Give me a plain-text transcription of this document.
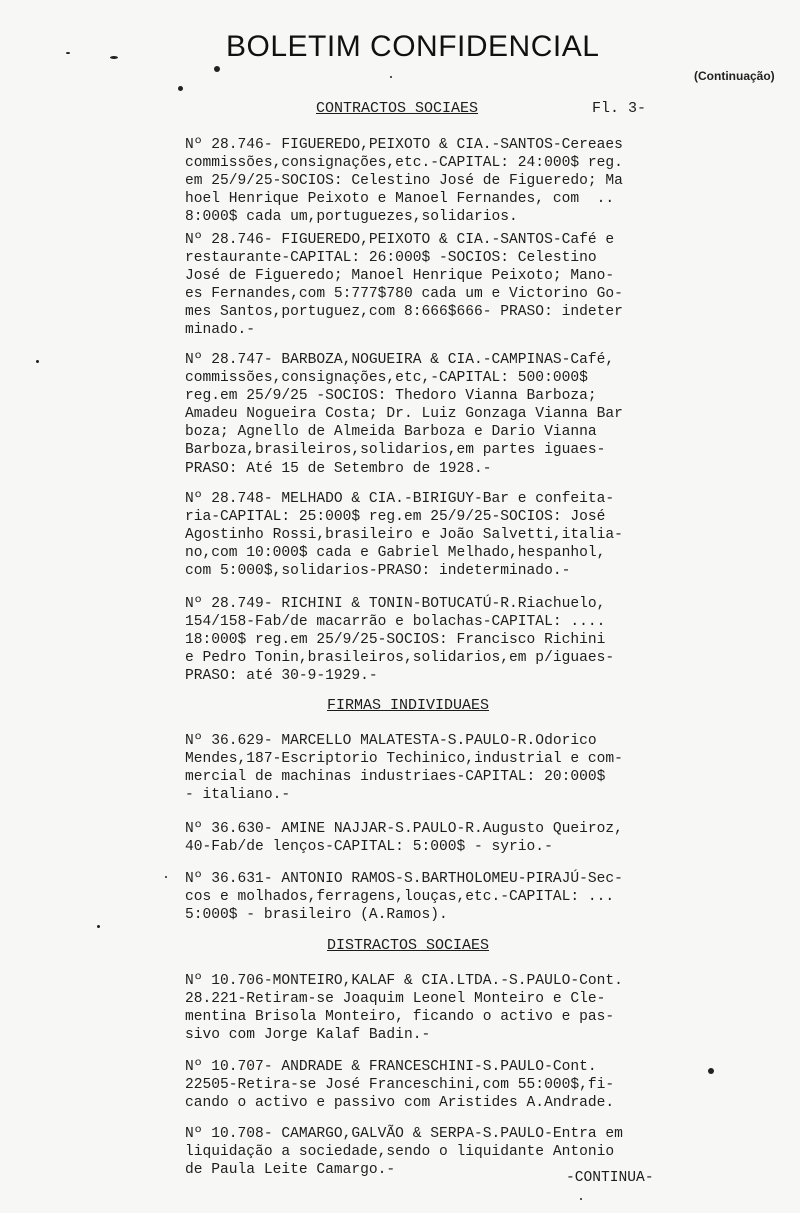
BOLETIM CONFIDENCIAL
(Continuação)
CONTRACTOS SOCIAES	Fl. 3-
Nº 28.746- FIGUEREDO,PEIXOTO & CIA.-SANTOS-Cereaes
commissões,consignações,etc.-CAPITAL: 24:000$ reg.
em 25/9/25-SOCIOS: Celestino José de Figueredo; Ma
hoel Henrique Peixoto e Manoel Fernandes, com  ..
8:000$ cada um,portuguezes,solidarios.
Nº 28.746- FIGUEREDO,PEIXOTO & CIA.-SANTOS-Café e
restaurante-CAPITAL: 26:000$ -SOCIOS: Celestino
José de Figueredo; Manoel Henrique Peixoto; Mano-
es Fernandes,com 5:777$780 cada um e Victorino Go-
mes Santos,portuguez,com 8:666$666- PRASO: indeter
minado.-
Nº 28.747- BARBOZA,NOGUEIRA & CIA.-CAMPINAS-Café,
commissões,consignações,etc,-CAPITAL: 500:000$
reg.em 25/9/25 -SOCIOS: Thedoro Vianna Barboza;
Amadeu Nogueira Costa; Dr. Luiz Gonzaga Vianna Bar
boza; Agnello de Almeida Barboza e Dario Vianna
Barboza,brasileiros,solidarios,em partes iguaes-
PRASO: Até 15 de Setembro de 1928.-
Nº 28.748- MELHADO & CIA.-BIRIGUY-Bar e confeita-
ria-CAPITAL: 25:000$ reg.em 25/9/25-SOCIOS: José
Agostinho Rossi,brasileiro e João Salvetti,italia-
no,com 10:000$ cada e Gabriel Melhado,hespanhol,
com 5:000$,solidarios-PRASO: indeterminado.-
Nº 28.749- RICHINI & TONIN-BOTUCATÚ-R.Riachuelo,
154/158-Fab/de macarrão e bolachas-CAPITAL: ....
18:000$ reg.em 25/9/25-SOCIOS: Francisco Richini
e Pedro Tonin,brasileiros,solidarios,em p/iguaes-
PRASO: até 30-9-1929.-
FIRMAS INDIVIDUAES
Nº 36.629- MARCELLO MALATESTA-S.PAULO-R.Odorico
Mendes,187-Escriptorio Techinico,industrial e com-
mercial de machinas industriaes-CAPITAL: 20:000$
- italiano.-
Nº 36.630- AMINE NAJJAR-S.PAULO-R.Augusto Queiroz,
40-Fab/de lenços-CAPITAL: 5:000$ - syrio.-
Nº 36.631- ANTONIO RAMOS-S.BARTHOLOMEU-PIRAJÚ-Sec-
cos e molhados,ferragens,louças,etc.-CAPITAL: ...
5:000$ - brasileiro (A.Ramos).
DISTRACTOS SOCIAES
Nº 10.706-MONTEIRO,KALAF & CIA.LTDA.-S.PAULO-Cont.
28.221-Retiram-se Joaquim Leonel Monteiro e Cle-
mentina Brisola Monteiro, ficando o activo e pas-
sivo com Jorge Kalaf Badin.-
Nº 10.707- ANDRADE & FRANCESCHINI-S.PAULO-Cont.
22505-Retira-se José Franceschini,com 55:000$,fi-
cando o activo e passivo com Aristides A.Andrade.
Nº 10.708- CAMARGO,GALVÃO & SERPA-S.PAULO-Entra em
liquidação a sociedade,sendo o liquidante Antonio
de Paula Leite Camargo.-	-CONTINUA-
